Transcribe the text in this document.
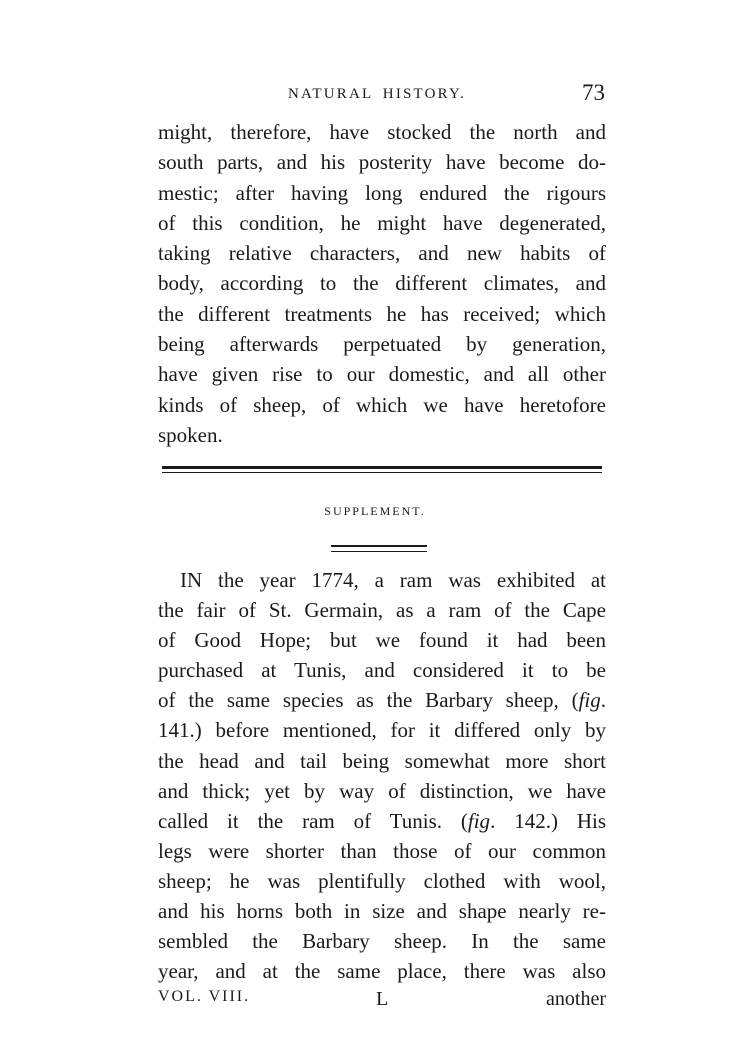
NATURAL HISTORY.	73
might, therefore, have stocked the north and
south parts, and his posterity have become do-
mestic; after having long endured the rigours
of this condition, he might have degenerated,
taking relative characters, and new habits of
body, according to the different climates, and
the different treatments he has received; which
being afterwards perpetuated by generation,
have given rise to our domestic, and all other
kinds of sheep, of which we have heretofore
spoken.
SUPPLEMENT.
IN the year 1774, a ram was exhibited at
the fair of St. Germain, as a ram of the Cape
of Good Hope; but we found it had been
purchased at Tunis, and considered it to be
of the same species as the Barbary sheep, (fig.
141.) before mentioned, for it differed only by
the head and tail being somewhat more short
and thick; yet by way of distinction, we have
called it the ram of Tunis. (fig. 142.) His
legs were shorter than those of our common
sheep; he was plentifully clothed with wool,
and his horns both in size and shape nearly re-
sembled the Barbary sheep. In the same
year, and at the same place, there was also
VOL. VIII.	L	another
